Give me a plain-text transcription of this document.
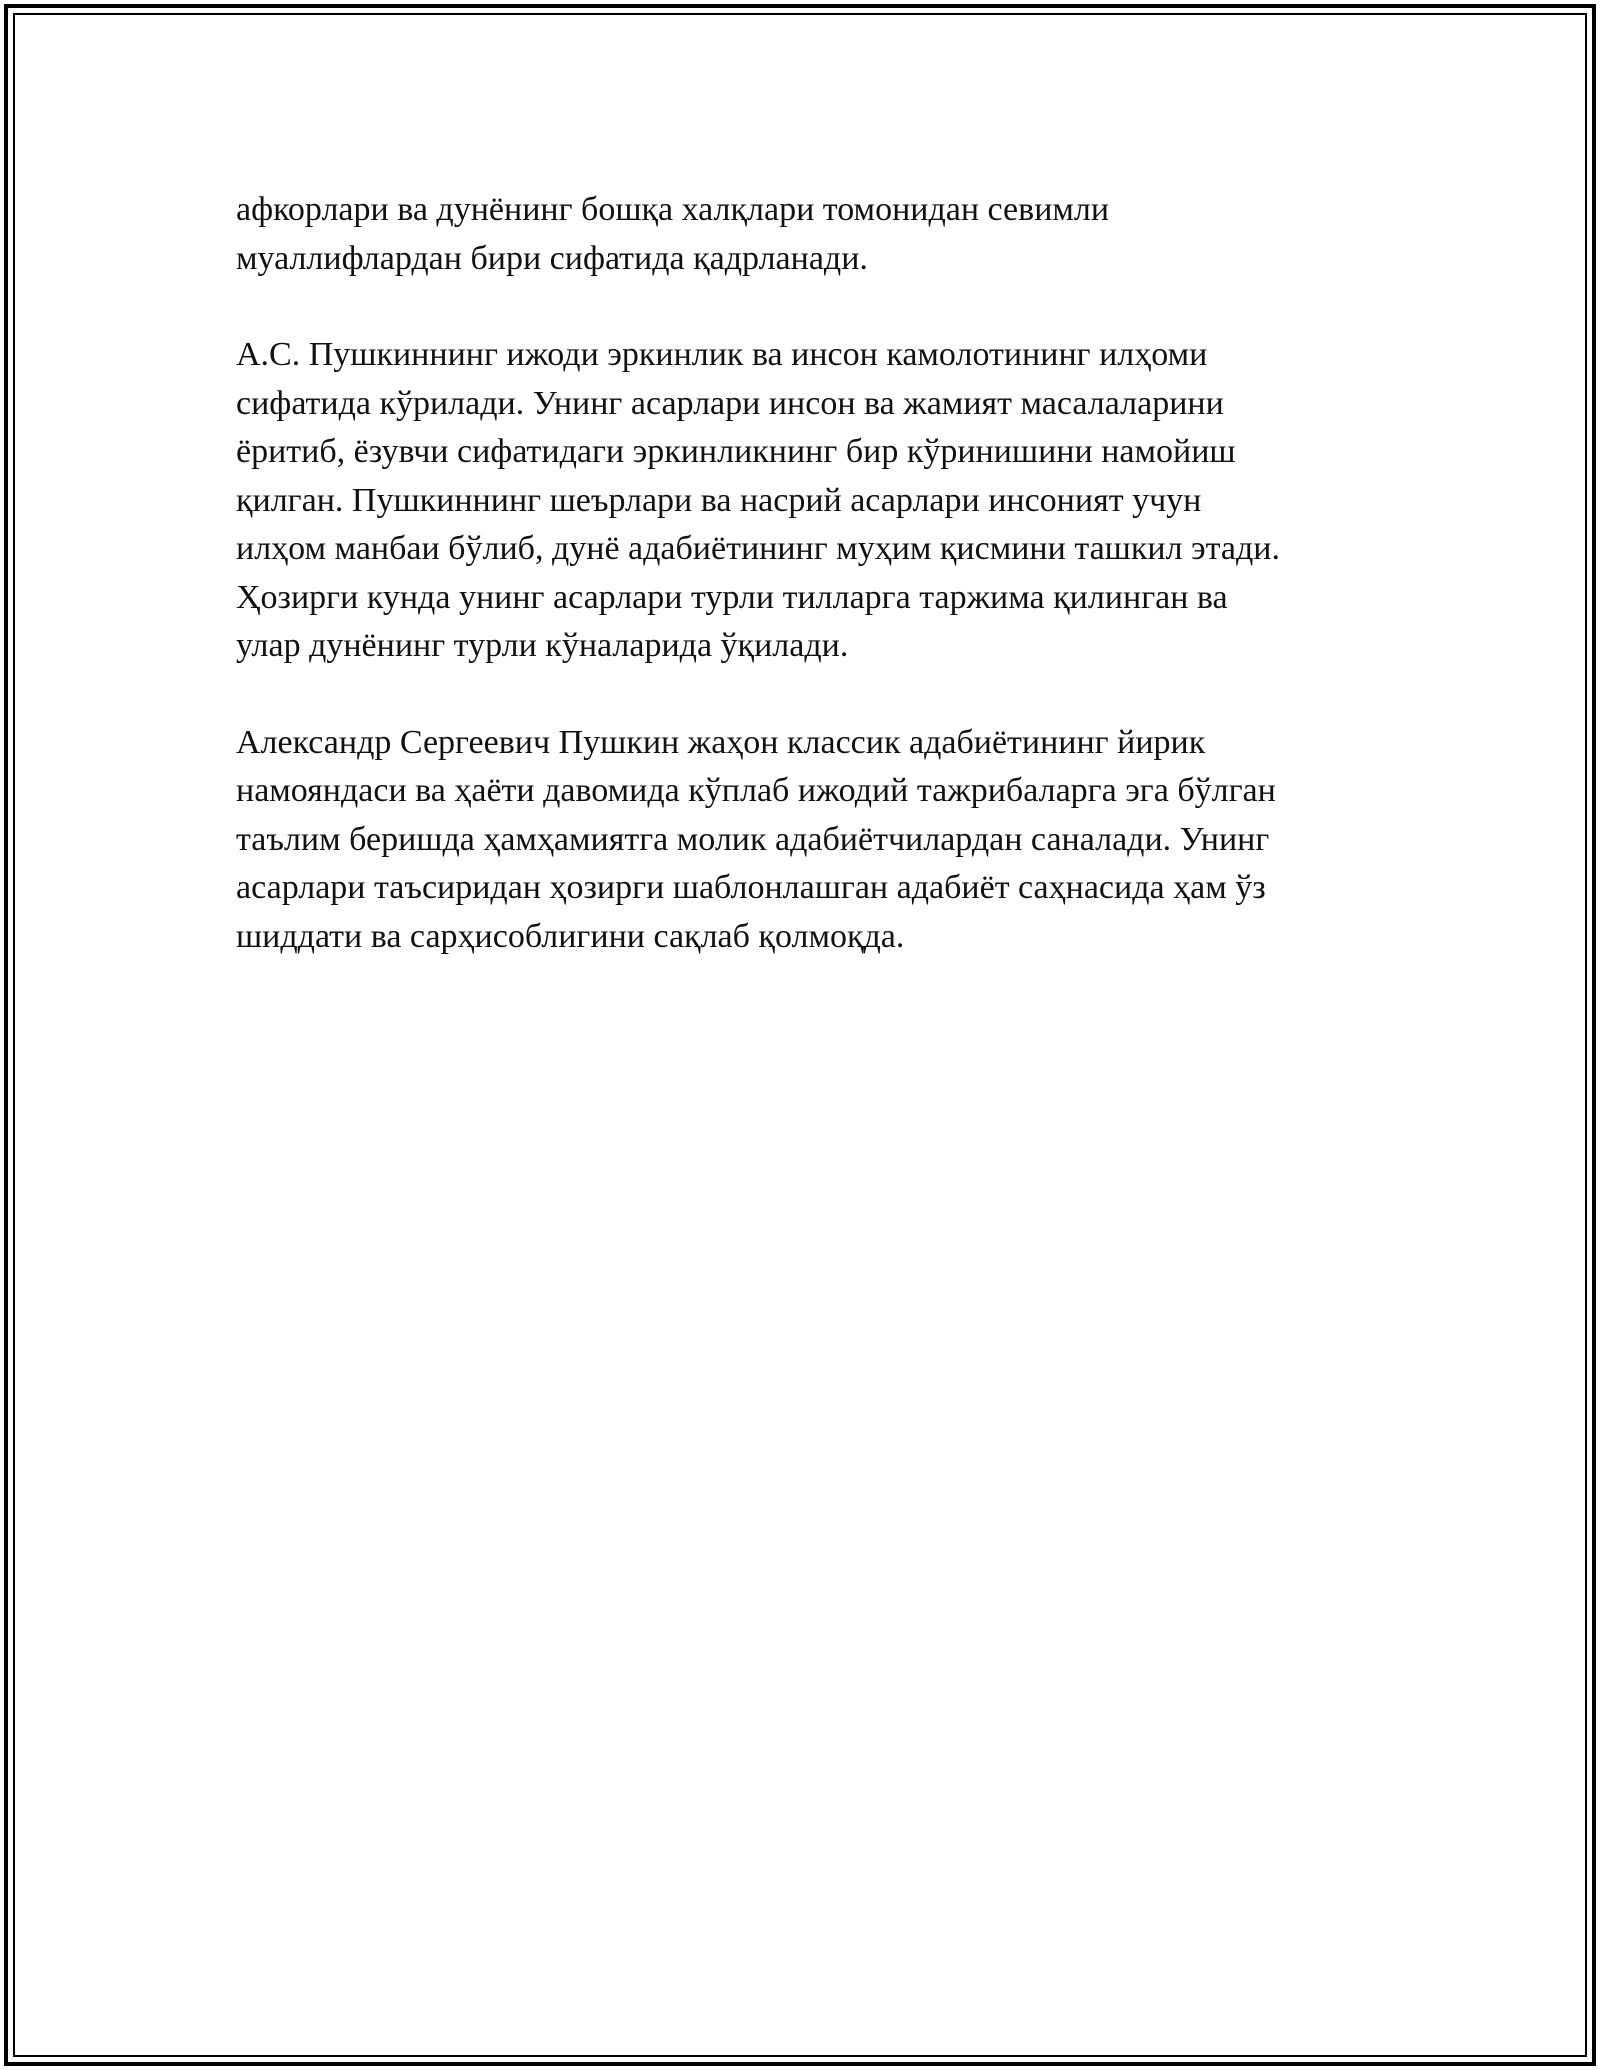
афкорлари ва дунёнинг бошқа халқлари томонидан севимли
муаллифлардан бири сифатида қадрланади.

А.С. Пушкиннинг ижоди эркинлик ва инсон камолотининг илҳоми
сифатида кўрилади. Унинг асарлари инсон ва жамият масалаларини
ёритиб, ёзувчи сифатидаги эркинликнинг бир кўринишини намойиш
қилган. Пушкиннинг шеърлари ва насрий асарлари инсоният учун
илҳом манбаи бўлиб, дунё адабиётининг муҳим қисмини ташкил этади.
Ҳозирги кунда унинг асарлари турли тилларга таржима қилинган ва
улар дунёнинг турли кўналарида ўқилади.

Александр Сергеевич Пушкин жаҳон классик адабиётининг йирик
намояндаси ва ҳаёти давомида кўплаб ижодий тажрибаларга эга бўлган
таълим беришда ҳамҳамиятга молик адабиётчилардан саналади. Унинг
асарлари таъсиридан ҳозирги шаблонлашган адабиёт саҳнасида ҳам ўз
шиддати ва сарҳисоблигини сақлаб қолмоқда.
